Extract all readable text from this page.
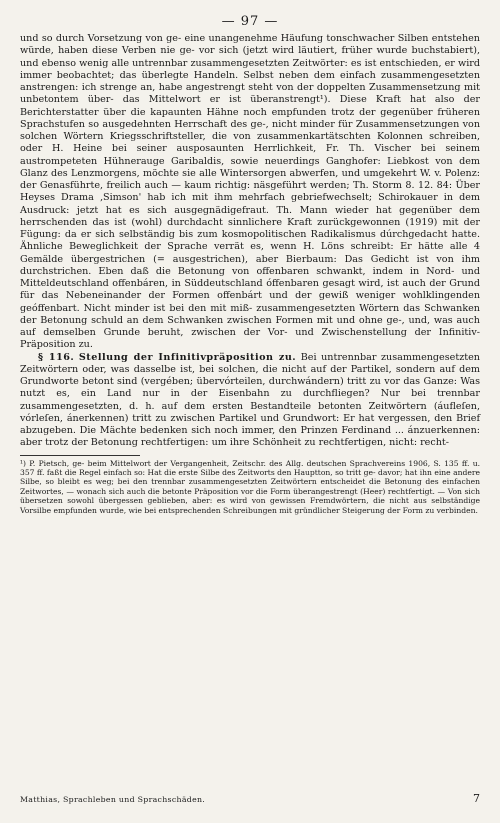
— 97 —

und so durch Vorsetzung von ge- eine unangenehme Häufung tonschwacher Silben entstehen würde, haben diese Verben nie ge- vor sich (jetzt wird läutiert, früher wurde buchstabiert), und ebenso wenig alle untrennbar zusammengesetzten Zeitwörter: es ist entschieden, er wird immer beobachtet; das überlegte Handeln. Selbst neben dem einfach zusammengesetzten anstrengen: ich strenge an, habe angestrengt steht von der doppelten Zusammensetzung mit unbetontem über- das Mittelwort er ist überanstrengt¹). Diese Kraft hat also der Berichterstatter über die kapaunten Hähne noch empfunden trotz der gegenüber früheren Sprachstufen so ausgedehnten Herrschaft des ge-, nicht minder für Zusammensetzungen von solchen Wörtern Kriegsschriftsteller, die von zusammenkartätschten Kolonnen schreiben, oder H. Heine bei seiner ausposaunten Herrlichkeit, Fr. Th. Vischer bei seinem austrompeteten Hühnerauge Garibaldis, sowie neuerdings Ganghofer: Liebkost von dem Glanz des Lenzmorgens, möchte sie alle Wintersorgen abwerfen, und umgekehrt W. v. Polenz: der Genasführte, freilich auch — kaum richtig: näsgeführt werden; Th. Storm 8. 12. 84: Über Heyses Drama ‚Simson' hab ich mit ihm mehrfach gebriefwechselt; Schirokauer in dem Ausdruck: jetzt hat es sich ausgegnädigefraut. Th. Mann wieder hat gegenüber dem herrschenden das ist (wohl) durchdacht sinnlichere Kraft zurückgewonnen (1919) mit der Fügung: da er sich selbständig bis zum kosmopolitischen Radikalismus dúrchgedacht hatte. Ähnliche Beweglichkeit der Sprache verrät es, wenn H. Löns schreibt: Er hätte alle 4 Gemälde übergestrichen (= ausgestrichen), aber Bierbaum: Das Gedicht ist von ihm durchstrichen. Eben daß die Betonung von offenbaren schwankt, indem in Nord- und Mitteldeutschland offenbáren, in Süddeutschland óffenbaren gesagt wird, ist auch der Grund für das Nebeneinander der Formen offenbárt und der gewiß weniger wohlklingenden geóffenbart. Nicht minder ist bei den mit miß- zusammengesetzten Wörtern das Schwanken der Betonung schuld an dem Schwanken zwischen Formen mit und ohne ge-, und, was auch auf demselben Grunde beruht, zwischen der Vor- und Zwischenstellung der Infinitiv-Präposition zu.

§ 116. Stellung der Infinitivpräposition zu. Bei untrennbar zusammengesetzten Zeitwörtern oder, was dasselbe ist, bei solchen, die nicht auf der Partikel, sondern auf dem Grundworte betont sind (vergében; übervórteilen, durchwándern) tritt zu vor das Ganze: Was nutzt es, ein Land nur in der Eisenbahn zu durchfliegen? Nur bei trennbar zusammengesetzten, d. h. auf dem ersten Bestandteile betonten Zeitwörtern (áufleſen, vórleſen, ánerkennen) tritt zu zwischen Partikel und Grundwort: Er hat vergessen, den Brief abzugeben. Die Mächte bedenken sich noch immer, den Prinzen Ferdinand ... ánzuerkennen: aber trotz der Betonung rechtfertigen: um ihre Schönheit zu rechtfertigen, nicht: recht-

¹) P. Pietsch, ge- beim Mittelwort der Vergangenheit, Zeitschr. des Allg. deutschen Sprachvereins 1906, S. 135 ff. u. 357 ff. faßt die Regel einfach so: Hat die erste Silbe des Zeitworts den Hauptton, so tritt ge- davor; hat ihn eine andere Silbe, so bleibt es weg; bei den trennbar zusammengesetzten Zeitwörtern entscheidet die Betonung des einfachen Zeitwortes, — wonach sich auch die betonte Präposition vor die Form überangestrengt (Heer) rechtfertigt. — Von sich übersetzen sowohl übergessen geblieben, aber: es wird von gewissen Fremdwörtern, die nicht aus selbständige Vorsilbe empfunden wurde, wie bei entsprechenden Schreibungen mit gründlicher Steigerung der Form zu verbinden.

Matthias, Sprachleben und Sprachschäden.	7
